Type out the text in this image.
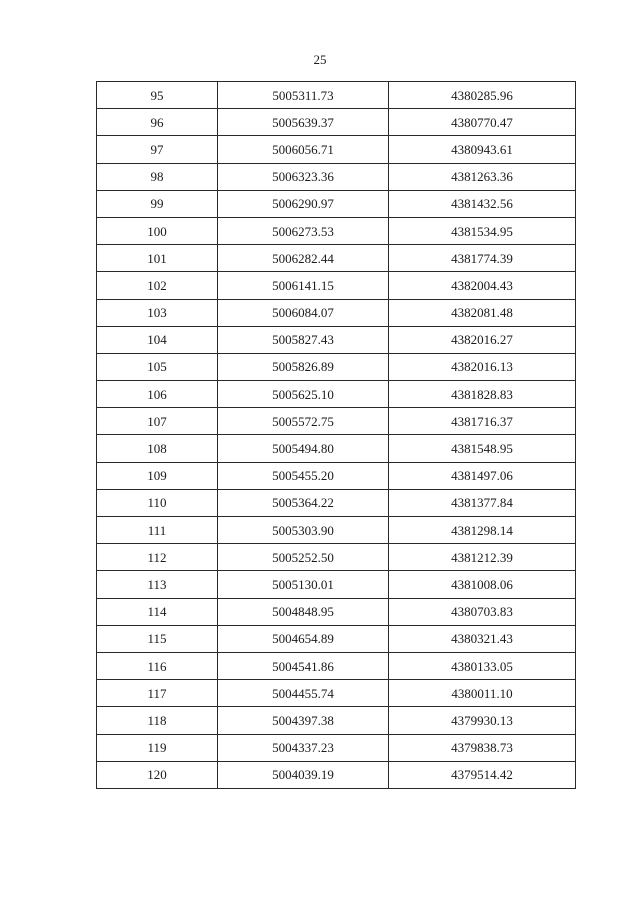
25
95	5005311.73	4380285.96
96	5005639.37	4380770.47
97	5006056.71	4380943.61
98	5006323.36	4381263.36
99	5006290.97	4381432.56
100	5006273.53	4381534.95
101	5006282.44	4381774.39
102	5006141.15	4382004.43
103	5006084.07	4382081.48
104	5005827.43	4382016.27
105	5005826.89	4382016.13
106	5005625.10	4381828.83
107	5005572.75	4381716.37
108	5005494.80	4381548.95
109	5005455.20	4381497.06
110	5005364.22	4381377.84
111	5005303.90	4381298.14
112	5005252.50	4381212.39
113	5005130.01	4381008.06
114	5004848.95	4380703.83
115	5004654.89	4380321.43
116	5004541.86	4380133.05
117	5004455.74	4380011.10
118	5004397.38	4379930.13
119	5004337.23	4379838.73
120	5004039.19	4379514.42
